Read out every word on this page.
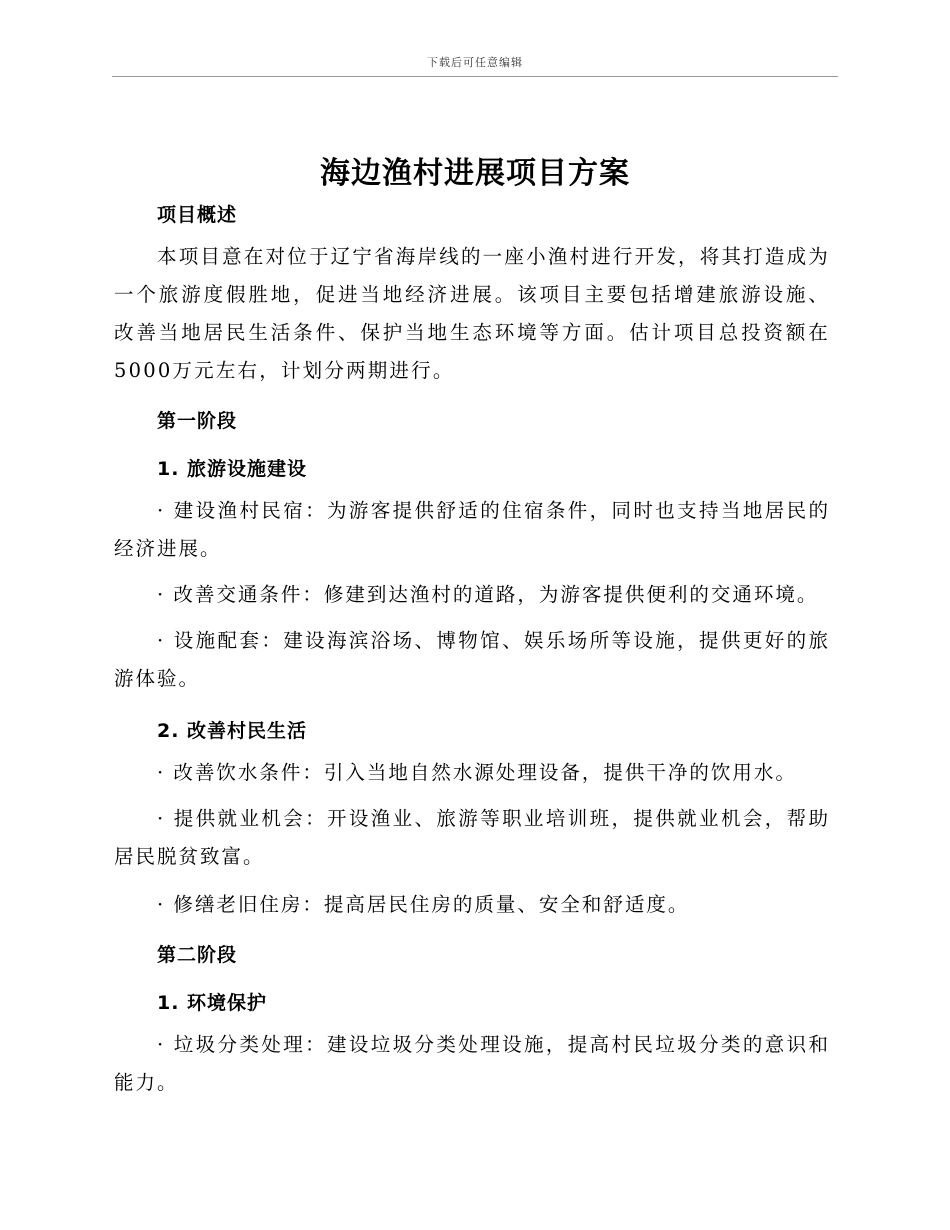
下载后可任意编辑
海边渔村进展项目方案

项目概述

本项目意在对位于辽宁省海岸线的一座小渔村进行开发，将其打造成为一个旅游度假胜地，促进当地经济进展。该项目主要包括增建旅游设施、改善当地居民生活条件、保护当地生态环境等方面。估计项目总投资额在5000万元左右，计划分两期进行。

第一阶段

1. 旅游设施建设

· 建设渔村民宿：为游客提供舒适的住宿条件，同时也支持当地居民的经济进展。

· 改善交通条件：修建到达渔村的道路，为游客提供便利的交通环境。

· 设施配套：建设海滨浴场、博物馆、娱乐场所等设施，提供更好的旅游体验。

2. 改善村民生活

· 改善饮水条件：引入当地自然水源处理设备，提供干净的饮用水。

· 提供就业机会：开设渔业、旅游等职业培训班，提供就业机会，帮助居民脱贫致富。

· 修缮老旧住房：提高居民住房的质量、安全和舒适度。

第二阶段

1. 环境保护

· 垃圾分类处理：建设垃圾分类处理设施，提高村民垃圾分类的意识和能力。
